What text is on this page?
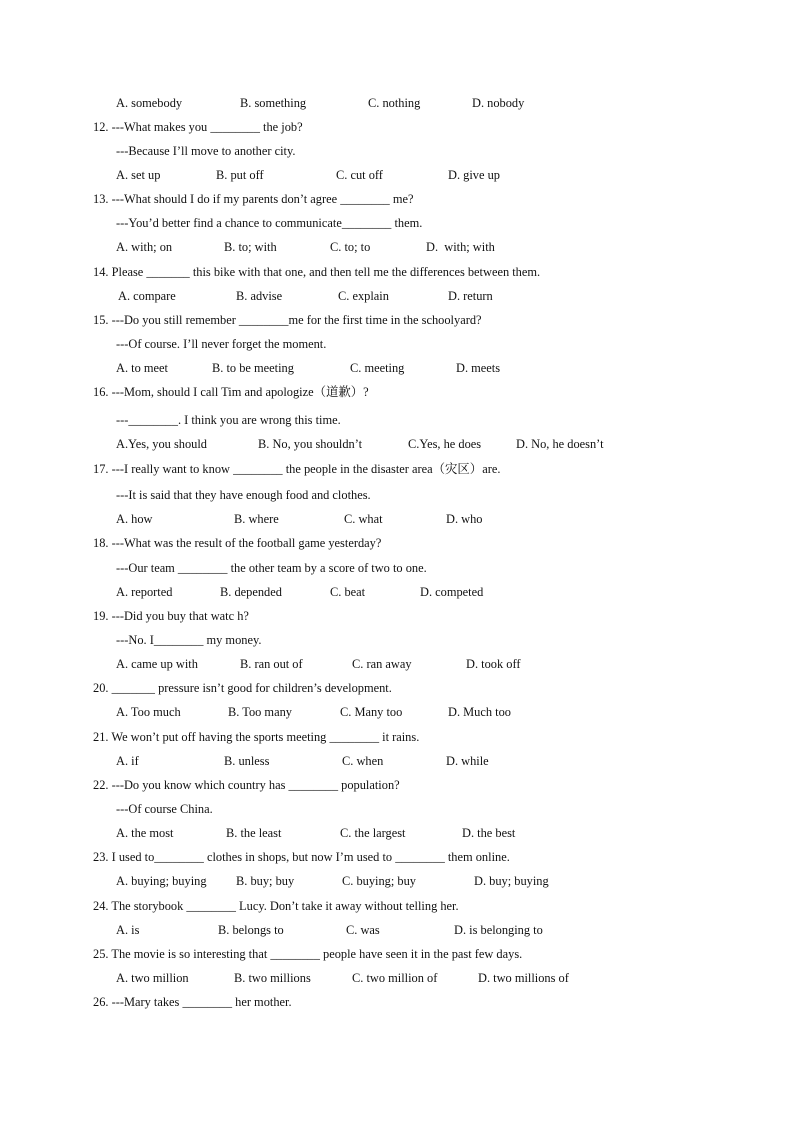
A. somebody	B. something	C. nothing	D. nobody
12. ---What makes you ________ the job?
---Because I’ll move to another city.
A. set up	B. put off	C. cut off	D. give up
13. ---What should I do if my parents don’t agree ________ me?
---You’d better find a chance to communicate________ them.
A. with; on	B. to; with	C. to; to	D.  with; with
14. Please _______ this bike with that one, and then tell me the differences between them.
A. compare	B. advise	C. explain	D. return
15. ---Do you still remember ________me for the first time in the schoolyard?
---Of course. I’ll never forget the moment.
A. to meet	B. to be meeting	C. meeting	D. meets
16. ---Mom, should I call Tim and apologize（道歉）?
---________. I think you are wrong this time.
A.Yes, you should	B. No, you shouldn’t	C.Yes, he does	D. No, he doesn’t
17. ---I really want to know ________ the people in the disaster area（灾区）are.
---It is said that they have enough food and clothes.
A. how	B. where	C. what	D. who
18. ---What was the result of the football game yesterday?
---Our team ________ the other team by a score of two to one.
A. reported	B. depended	C. beat	D. competed
19. ---Did you buy that watc h?
---No. I________ my money.
A. came up with	B. ran out of	C. ran away	D. took off
20. _______ pressure isn’t good for children’s development.
A. Too much	B. Too many	C. Many too	D. Much too
21. We won’t put off having the sports meeting ________ it rains.
A. if	B. unless	C. when	D. while
22. ---Do you know which country has ________ population?
---Of course China.
A. the most	B. the least	C. the largest	D. the best
23. I used to________ clothes in shops, but now I’m used to ________ them online.
A. buying; buying B. buy; buy	C. buying; buy	D. buy; buying
24. The storybook ________ Lucy. Don’t take it away without telling her.
A. is	B. belongs to	C. was	D. is belonging to
25. The movie is so interesting that ________ people have seen it in the past few days.
A. two million	B. two millions	C. two million of	D. two millions of
26. ---Mary takes ________ her mother.
